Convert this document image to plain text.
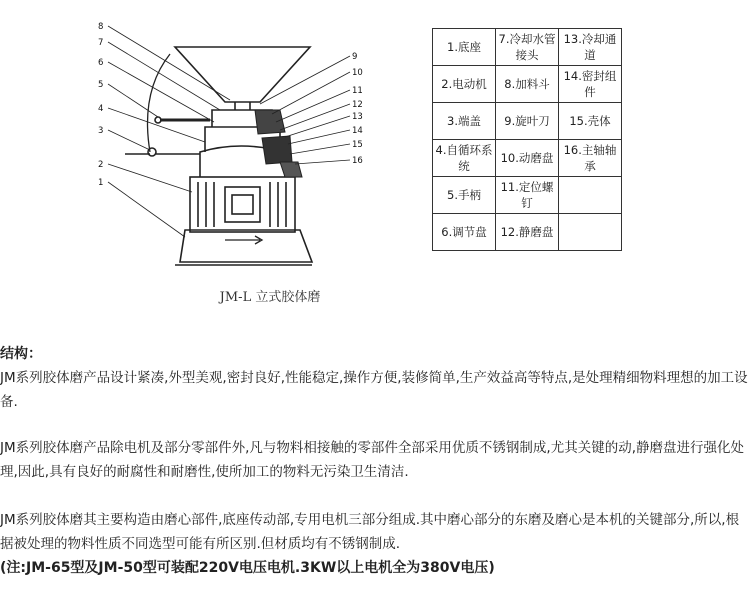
8
7
6
5
4
3
2
1
9
10
11
12
13
14
15
16
JM-L 立式胶体磨
1.底座	7.冷却水管接头	13.冷却通道
2.电动机	8.加料斗	14.密封组件
3.端盖	9.旋叶刀	15.壳体
4.自循环系统	10.动磨盘	16.主轴轴承
5.手柄	11.定位螺钉	
6.调节盘	12.静磨盘	
结构：
JM系列胶体磨产品设计紧凑,外型美观,密封良好,性能稳定,操作方便,装修简单,生产效益高等特点,是处理精细物料理想的加工设备.
JM系列胶体磨产品除电机及部分零部件外,凡与物料相接触的零部件全部采用优质不锈钢制成,尤其关键的动,静磨盘进行强化处理,因此,具有良好的耐腐性和耐磨性,使所加工的物料无污染卫生清洁.
JM系列胶体磨其主要构造由磨心部件,底座传动部,专用电机三部分组成.其中磨心部分的东磨及磨心是本机的关键部分,所以,根据被处理的物料性质不同选型可能有所区别.但材质均有不锈钢制成.
(注:JM-65型及JM-50型可装配220V电压电机.3KW以上电机全为380V电压)
